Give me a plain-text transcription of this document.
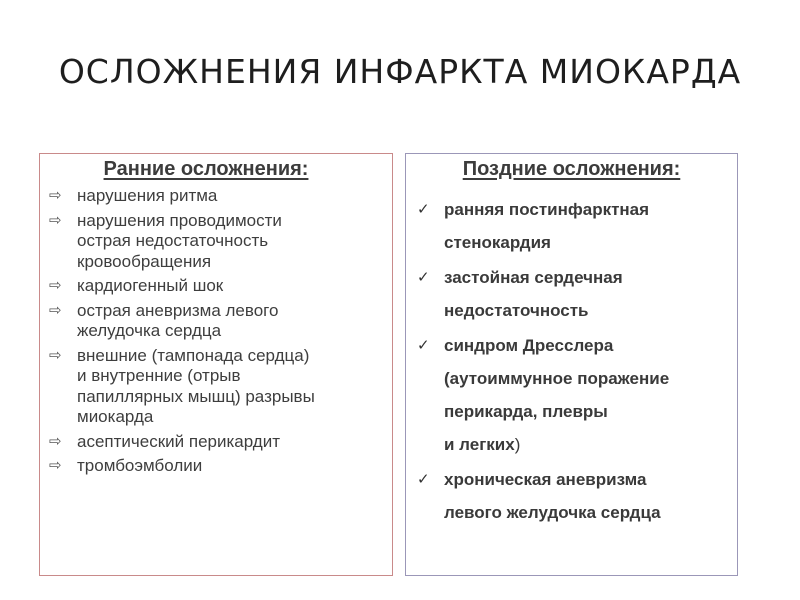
ОСЛОЖНЕНИЯ ИНФАРКТА МИОКАРДА
Ранние осложнения:
⇨ нарушения ритма
⇨ нарушения проводимости
острая недостаточность
кровообращения
⇨ кардиогенный шок
⇨ острая аневризма левого
желудочка сердца
⇨ внешние (тампонада сердца)
и внутренние (отрыв
папиллярных мышц) разрывы
миокарда
⇨ асептический перикардит
⇨ тромбоэмболии
Поздние осложнения:
✓ ранняя постинфарктная
стенокардия
✓ застойная сердечная
недостаточность
✓ синдром Дресслера
(аутоиммунное поражение
перикарда, плевры
и легких)
✓ хроническая аневризма
левого желудочка сердца
